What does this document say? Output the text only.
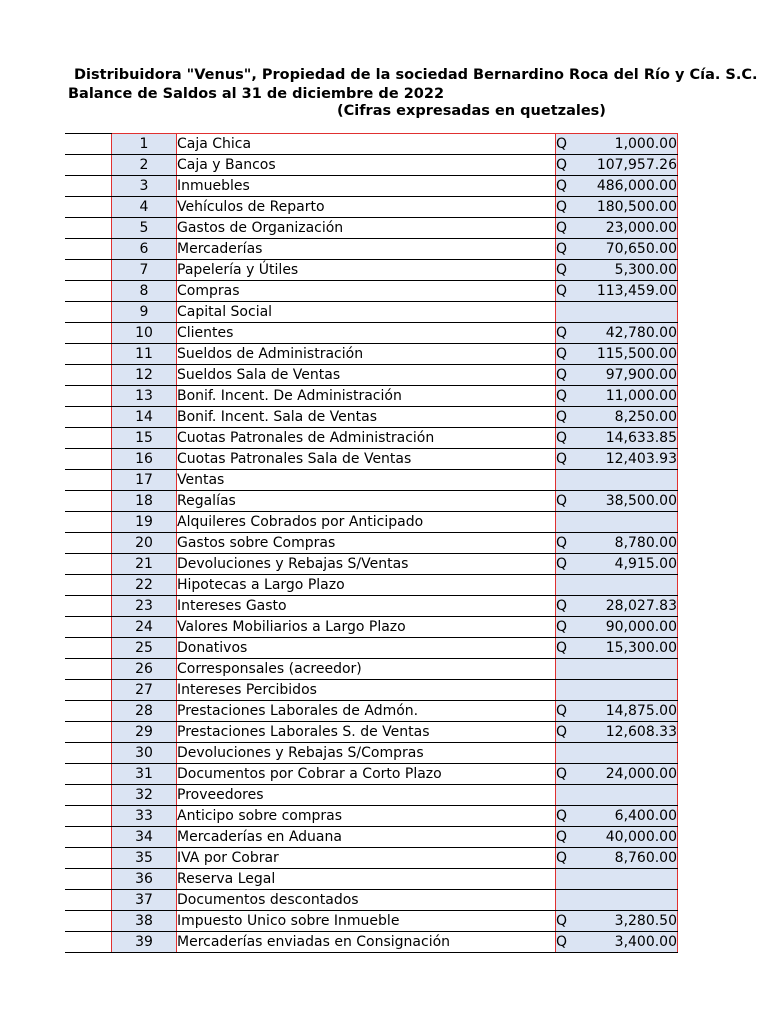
Distribuidora "Venus", Propiedad de la sociedad Bernardino Roca del Río y Cía. S.C.
Balance de Saldos al 31 de diciembre de 2022
(Cifras expresadas en quetzales)
	1	Caja Chica	Q	1,000.00
	2	Caja y Bancos	Q	107,957.26
	3	Inmuebles	Q	486,000.00
	4	Vehículos de Reparto	Q	180,500.00
	5	Gastos de Organización	Q	23,000.00
	6	Mercaderías	Q	70,650.00
	7	Papelería y Útiles	Q	5,300.00
	8	Compras	Q	113,459.00
	9	Capital Social		
	10	Clientes	Q	42,780.00
	11	Sueldos de Administración	Q	115,500.00
	12	Sueldos Sala de Ventas	Q	97,900.00
	13	Bonif. Incent. De Administración	Q	11,000.00
	14	Bonif. Incent. Sala de Ventas	Q	8,250.00
	15	Cuotas Patronales de Administración	Q	14,633.85
	16	Cuotas Patronales Sala de Ventas	Q	12,403.93
	17	Ventas		
	18	Regalías	Q	38,500.00
	19	Alquileres Cobrados por Anticipado		
	20	Gastos sobre Compras	Q	8,780.00
	21	Devoluciones y Rebajas S/Ventas	Q	4,915.00
	22	Hipotecas a Largo Plazo		
	23	Intereses Gasto	Q	28,027.83
	24	Valores Mobiliarios a Largo Plazo	Q	90,000.00
	25	Donativos	Q	15,300.00
	26	Corresponsales (acreedor)		
	27	Intereses Percibidos		
	28	Prestaciones Laborales de Admón.	Q	14,875.00
	29	Prestaciones Laborales S. de Ventas	Q	12,608.33
	30	Devoluciones y Rebajas S/Compras		
	31	Documentos por Cobrar a Corto Plazo	Q	24,000.00
	32	Proveedores		
	33	Anticipo sobre compras	Q	6,400.00
	34	Mercaderías en Aduana	Q	40,000.00
	35	IVA por Cobrar	Q	8,760.00
	36	Reserva Legal		
	37	Documentos descontados		
	38	Impuesto Unico sobre Inmueble	Q	3,280.50
	39	Mercaderías enviadas en Consignación	Q	3,400.00
